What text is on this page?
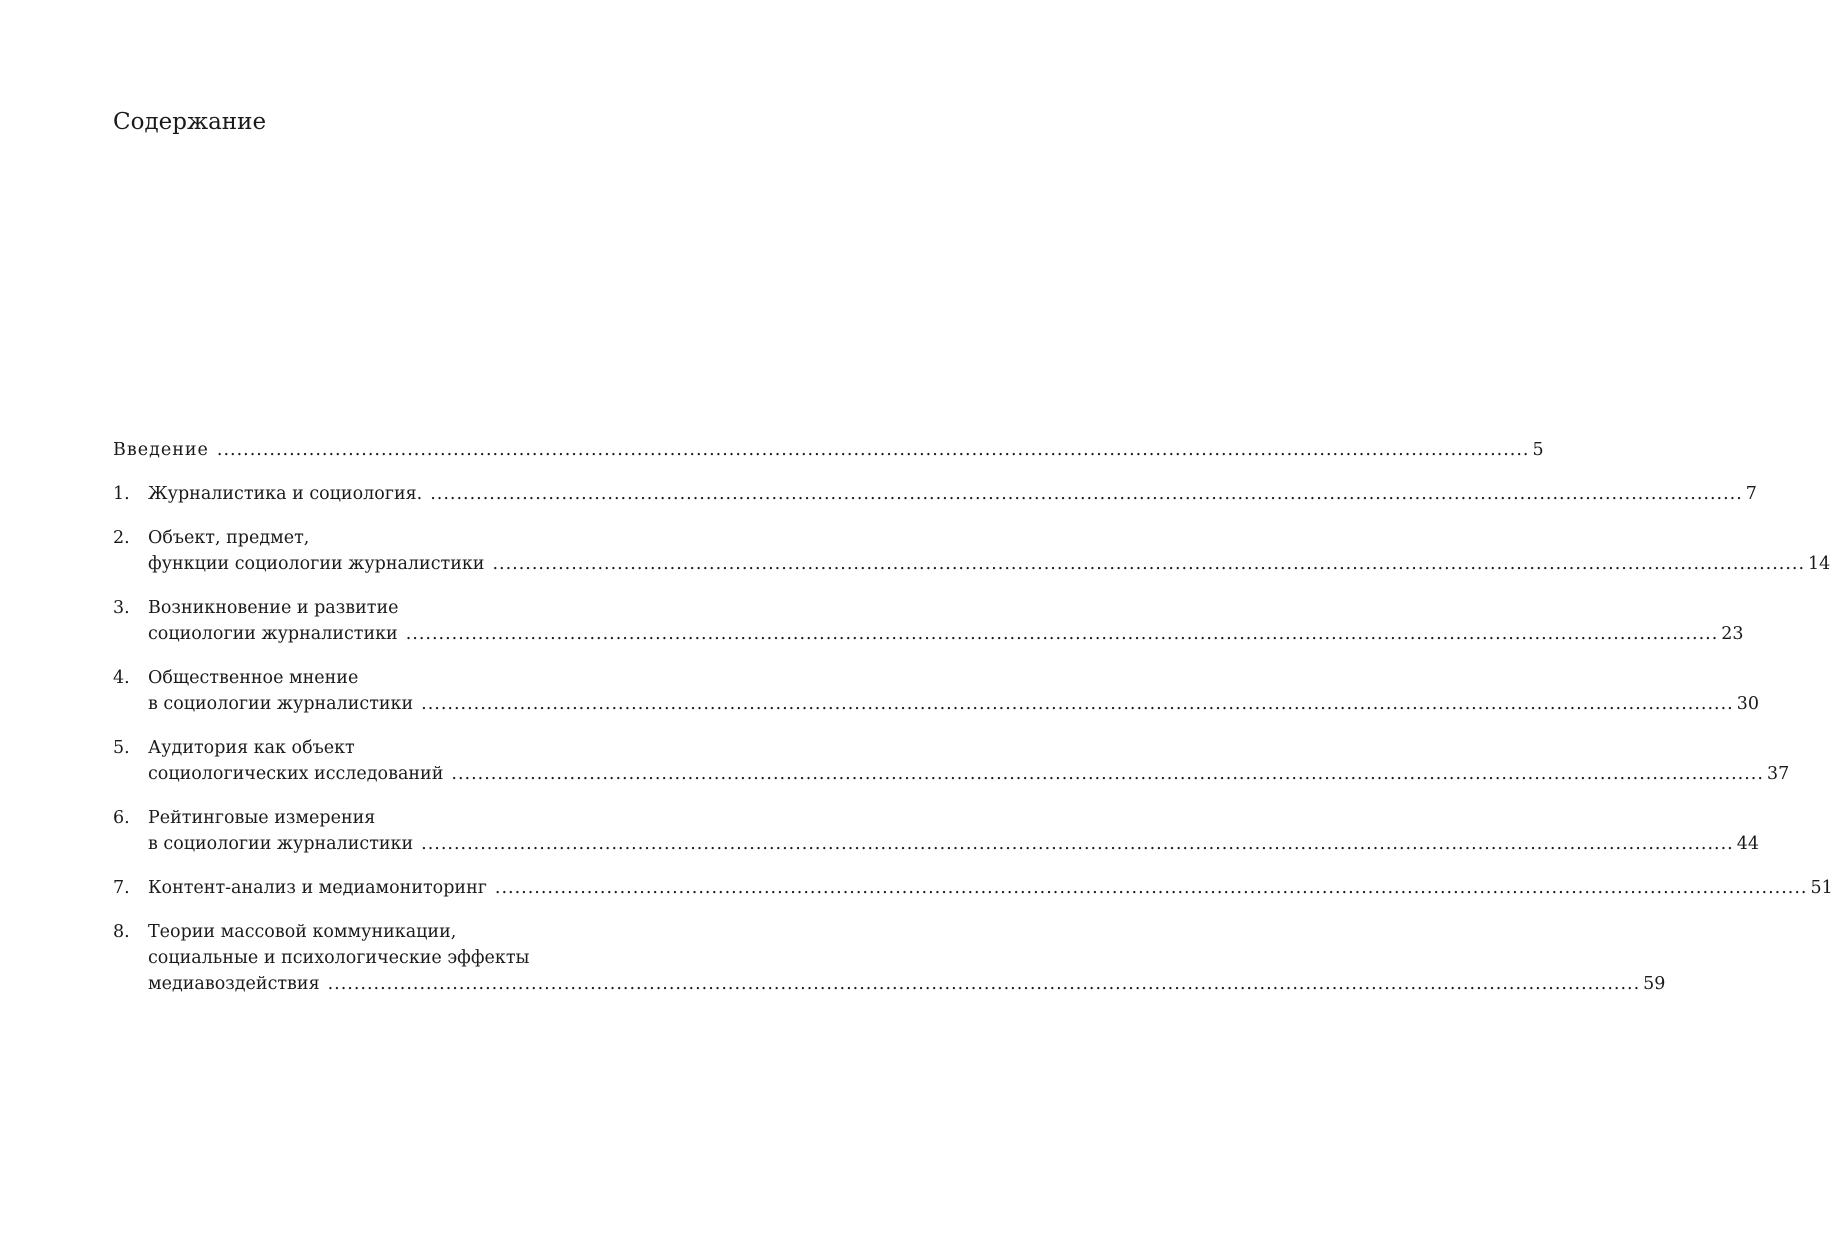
Содержание
Введение ........................................................................................................................................................................................................ 5
1. Журналистика и социология. ........................................................................................................................................................................................................ 7
2. Объект, предмет,
функции социологии журналистики ........................................................................................................................................................................................................ 14
3. Возникновение и развитие
социологии журналистики ........................................................................................................................................................................................................ 23
4. Общественное мнение
в социологии журналистики ........................................................................................................................................................................................................ 30
5. Аудитория как объект
социологических исследований ........................................................................................................................................................................................................ 37
6. Рейтинговые измерения
в социологии журналистики ........................................................................................................................................................................................................ 44
7. Контент-анализ и медиамониторинг ........................................................................................................................................................................................................ 51
8. Теории массовой коммуникации,
социальные и психологические эффекты
медиавоздействия ........................................................................................................................................................................................................ 59
